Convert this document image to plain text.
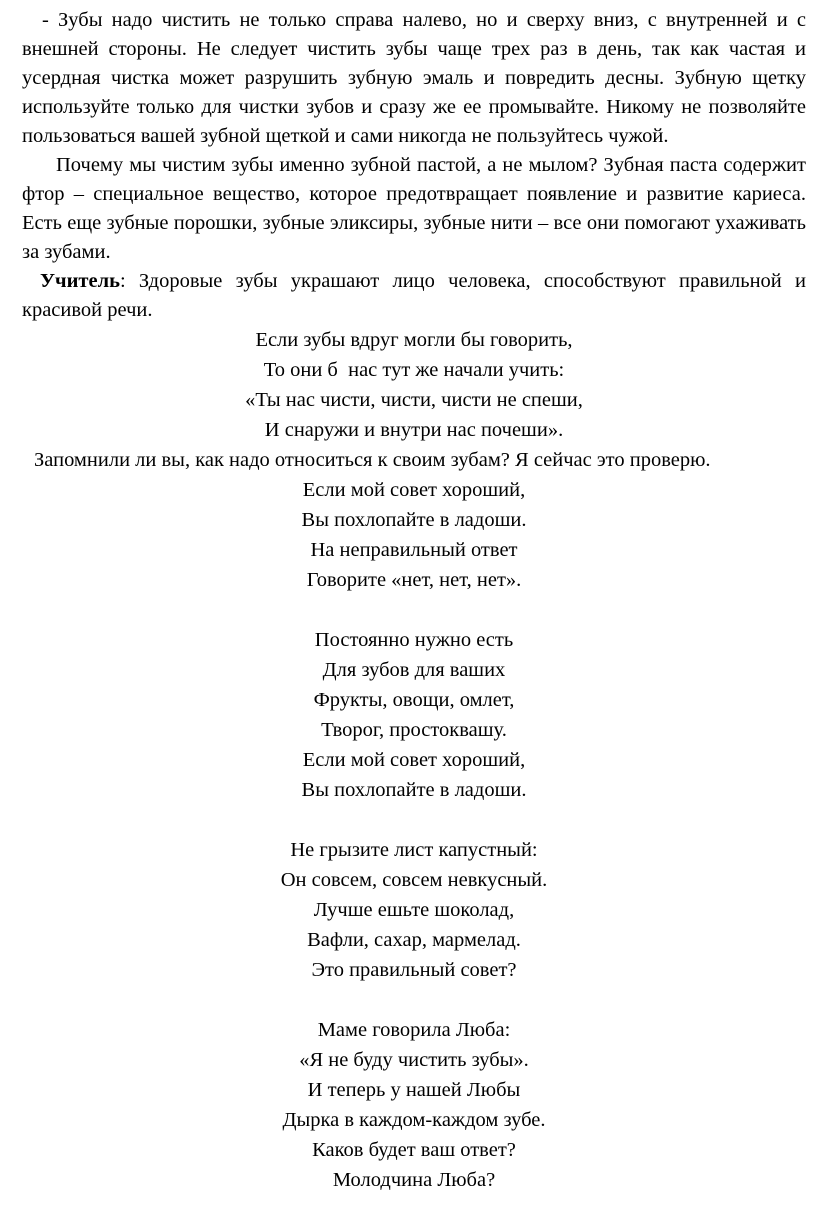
- Зубы надо чистить не только справа налево, но и сверху вниз, с внутренней и с внешней стороны. Не следует чистить зубы чаще трех раз в день, так как частая и усердная чистка может разрушить зубную эмаль и повредить десны. Зубную щетку используйте только для чистки зубов и сразу же ее промывайте. Никому не позволяйте пользоваться вашей зубной щеткой и сами никогда не пользуйтесь чужой.

Почему мы чистим зубы именно зубной пастой, а не мылом? Зубная паста содержит фтор – специальное вещество, которое предотвращает появление и развитие кариеса. Есть еще зубные порошки, зубные эликсиры, зубные нити – все они помогают ухаживать за зубами.

Учитель: Здоровые зубы украшают лицо человека, способствуют правильной и красивой речи.

Если зубы вдруг могли бы говорить,

То они б  нас тут же начали учить:

«Ты нас чисти, чисти, чисти не спеши,

И снаружи и внутри нас почеши».

Запомнили ли вы, как надо относиться к своим зубам? Я сейчас это проверю.

Если мой совет хороший,

Вы похлопайте в ладоши.

На неправильный ответ

Говорите «нет, нет, нет».

Постоянно нужно есть

Для зубов для ваших

Фрукты, овощи, омлет,

Творог, простоквашу.

Если мой совет хороший,

Вы похлопайте в ладоши.

Не грызите лист капустный:

Он совсем, совсем невкусный.

Лучше ешьте шоколад,

Вафли, сахар, мармелад.

Это правильный совет?

Маме говорила Люба:

«Я не буду чистить зубы».

И теперь у нашей Любы

Дырка в каждом-каждом зубе.

Каков будет ваш ответ?

Молодчина Люба?
